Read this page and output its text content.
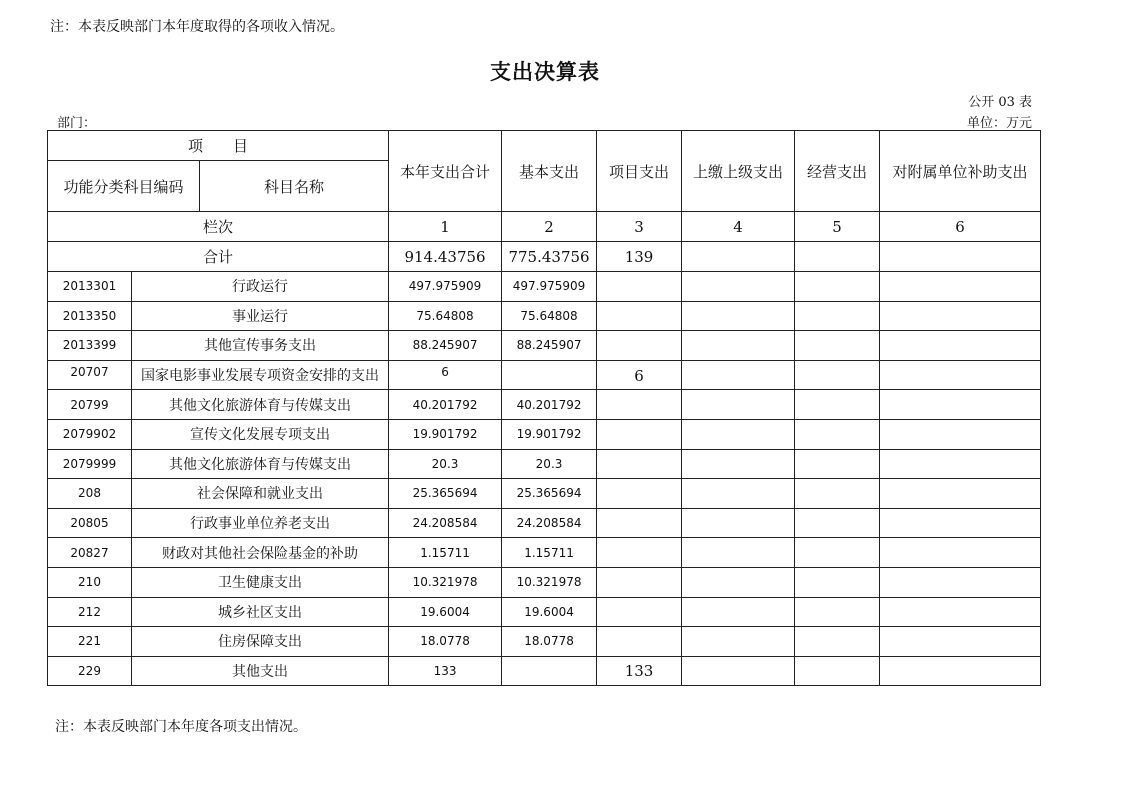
注：本表反映部门本年度取得的各项收入情况。
支出决算表
公开 03 表
部门：	单位：万元
项　　目			本年支出合计	基本支出	项目支出	上缴上级支出	经营支出	对附属单位补助支出
功能分类科目编码		科目名称						
栏次			1	2	3	4	5	6
合计			914.43756	775.43756	139			
2013301	行政运行		497.975909	497.975909				
2013350	事业运行		75.64808	75.64808				
2013399	其他宣传事务支出		88.245907	88.245907				
20707	国家电影事业发展专项资金安排的支出		6		6			
20799	其他文化旅游体育与传媒支出		40.201792	40.201792				
2079902	宣传文化发展专项支出		19.901792	19.901792				
2079999	其他文化旅游体育与传媒支出		20.3	20.3				
208	社会保障和就业支出		25.365694	25.365694				
20805	行政事业单位养老支出		24.208584	24.208584				
20827	财政对其他社会保险基金的补助		1.15711	1.15711				
210	卫生健康支出		10.321978	10.321978				
212	城乡社区支出		19.6004	19.6004				
221	住房保障支出		18.0778	18.0778				
229	其他支出		133		133			
注：本表反映部门本年度各项支出情况。
